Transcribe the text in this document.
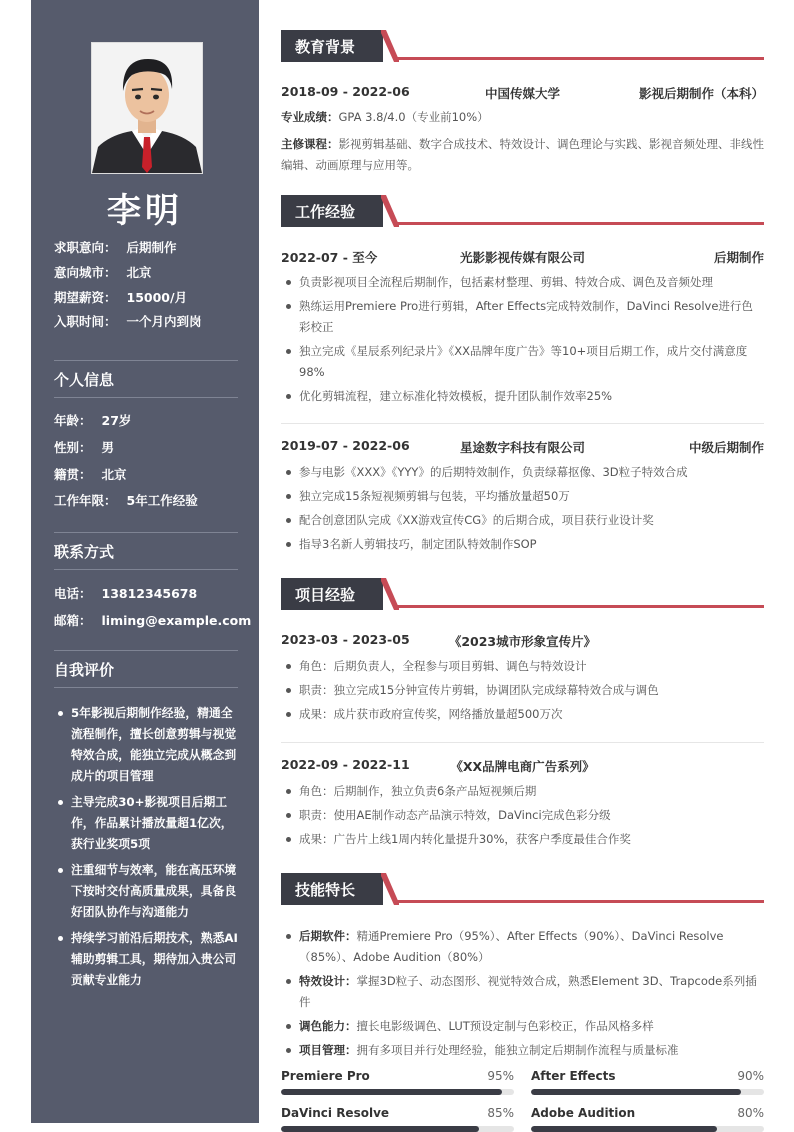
李明
求职意向： 后期制作
意向城市： 北京
期望薪资： 15000/月
入职时间： 一个月内到岗
个人信息
年龄： 27岁
性别： 男
籍贯： 北京
工作年限： 5年工作经验
联系方式
电话： 13812345678
邮箱： liming@example.com
自我评价
5年影视后期制作经验，精通全流程制作，擅长创意剪辑与视觉特效合成，能独立完成从概念到成片的项目管理
主导完成30+影视项目后期工作，作品累计播放量超1亿次，获行业奖项5项
注重细节与效率，能在高压环境下按时交付高质量成果，具备良好团队协作与沟通能力
持续学习前沿后期技术，熟悉AI辅助剪辑工具，期待加入贵公司贡献专业能力
教育背景
2018-09 - 2022-06	中国传媒大学	影视后期制作（本科）
专业成绩：GPA 3.8/4.0（专业前10%）
主修课程：影视剪辑基础、数字合成技术、特效设计、调色理论与实践、影视音频处理、非线性编辑、动画原理与应用等。
工作经验
2022-07 - 至今	光影影视传媒有限公司	后期制作
负责影视项目全流程后期制作，包括素材整理、剪辑、特效合成、调色及音频处理
熟练运用Premiere Pro进行剪辑，After Effects完成特效制作，DaVinci Resolve进行色彩校正
独立完成《星辰系列纪录片》《XX品牌年度广告》等10+项目后期工作，成片交付满意度98%
优化剪辑流程，建立标准化特效模板，提升团队制作效率25%
2019-07 - 2022-06	星途数字科技有限公司	中级后期制作
参与电影《XXX》《YYY》的后期特效制作，负责绿幕抠像、3D粒子特效合成
独立完成15条短视频剪辑与包装，平均播放量超50万
配合创意团队完成《XX游戏宣传CG》的后期合成，项目获行业设计奖
指导3名新人剪辑技巧，制定团队特效制作SOP
项目经验
2023-03 - 2023-05	《2023城市形象宣传片》
角色：后期负责人，全程参与项目剪辑、调色与特效设计
职责：独立完成15分钟宣传片剪辑，协调团队完成绿幕特效合成与调色
成果：成片获市政府宣传奖，网络播放量超500万次
2022-09 - 2022-11	《XX品牌电商广告系列》
角色：后期制作，独立负责6条产品短视频后期
职责：使用AE制作动态产品演示特效，DaVinci完成色彩分级
成果：广告片上线1周内转化量提升30%，获客户季度最佳合作奖
技能特长
后期软件：精通Premiere Pro（95%）、After Effects（90%）、DaVinci Resolve（85%）、Adobe Audition（80%）
特效设计：掌握3D粒子、动态图形、视觉特效合成，熟悉Element 3D、Trapcode系列插件
调色能力：擅长电影级调色、LUT预设定制与色彩校正，作品风格多样
项目管理：拥有多项目并行处理经验，能独立制定后期制作流程与质量标准
Premiere Pro	95% After Effects	90%
DaVinci Resolve	85% Adobe Audition	80%
